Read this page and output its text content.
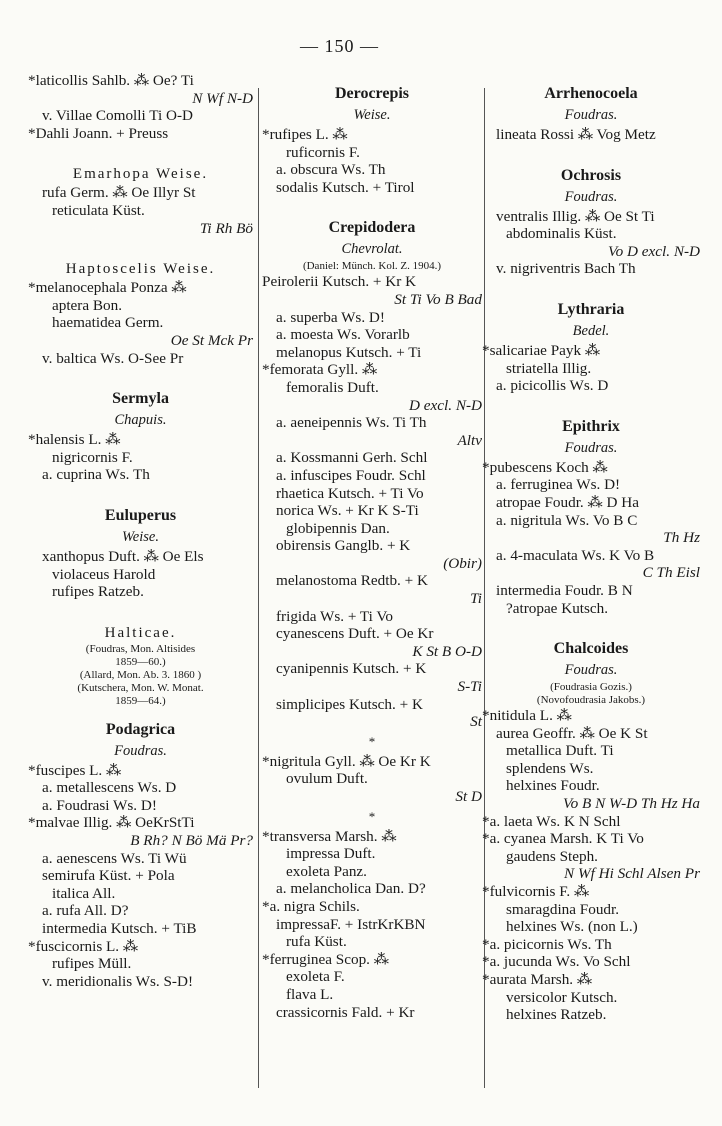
— 150 —
*laticollis Sahlb. ⁂ Oe? Ti
N Wf N-D
v. Villae Comolli Ti O-D
*Dahli Joann. + Preuss
Emarhopa Weise.
rufa Germ. ⁂ Oe Illyr St
reticulata Küst.
Ti Rh Bö
Haptoscelis Weise.
*melanocephala Ponza ⁂
aptera Bon.
haematidea Germ.
Oe St Mck Pr
v. baltica Ws. O-See Pr
Sermyla
Chapuis.
*halensis L. ⁂
nigricornis F.
a. cuprina Ws. Th
Euluperus
Weise.
xanthopus Duft. ⁂ Oe Els
violaceus Harold
rufipes Ratzeb.
Halticae.
(Foudras, Mon. Altisides
1859—60.)
(Allard, Mon. Ab. 3. 1860 )
(Kutschera, Mon. W. Monat.
1859—64.)
Podagrica
Foudras.
*fuscipes L. ⁂
a. metallescens Ws. D
a. Foudrasi Ws. D!
*malvae Illig. ⁂ OeKrStTi
B Rh? N Bö Mä Pr?
a. aenescens Ws. Ti Wü
semirufa Küst. + Pola
italica All.
a. rufa All. D?
intermedia Kutsch. + TiB
*fuscicornis L. ⁂
rufipes Müll.
v. meridionalis Ws. S-D!
Derocrepis
Weise.
*rufipes L. ⁂
ruficornis F.
a. obscura Ws. Th
sodalis Kutsch. + Tirol
Crepidodera
Chevrolat.
(Daniel: Münch. Kol. Z. 1904.)
Peirolerii Kutsch. + Kr K
St Ti Vo B Bad
a. superba Ws. D!
a. moesta Ws. Vorarlb
melanopus Kutsch. + Ti
*femorata Gyll. ⁂
femoralis Duft.
D excl. N-D
a. aeneipennis Ws. Ti Th
Altv
a. Kossmanni Gerh. Schl
a. infuscipes Foudr. Schl
rhaetica Kutsch. + Ti Vo
norica Ws. + Kr K S-Ti
globipennis Dan.
obirensis Ganglb. + K
(Obir)
melanostoma Redtb. + K
Ti
frigida Ws. + Ti Vo
cyanescens Duft. + Oe Kr
K St B O-D
cyanipennis Kutsch. + K
S-Ti
simplicipes Kutsch. + K
St
*
*nigritula Gyll. ⁂ Oe Kr K
ovulum Duft.
St D
*
*transversa Marsh. ⁂
impressa Duft.
exoleta Panz.
a. melancholica Dan. D?
*a. nigra Schils.
impressaF. + IstrKrKBN
rufa Küst.
*ferruginea Scop. ⁂
exoleta F.
flava L.
crassicornis Fald. + Kr
Arrhenocoela
Foudras.
lineata Rossi ⁂ Vog Metz
Ochrosis
Foudras.
ventralis Illig. ⁂ Oe St Ti
abdominalis Küst.
Vo D excl. N-D
v. nigriventris Bach Th
Lythraria
Bedel.
*salicariae Payk ⁂
striatella Illig.
a. picicollis Ws. D
Epithrix
Foudras.
*pubescens Koch ⁂
a. ferruginea Ws. D!
atropae Foudr. ⁂ D Ha
a. nigritula Ws. Vo B C
Th Hz
a. 4-maculata Ws. K Vo B
C Th Eisl
intermedia Foudr. B N
?atropae Kutsch.
Chalcoides
Foudras.
(Foudrasia Gozis.)
(Novofoudrasia Jakobs.)
*nitidula L. ⁂
aurea Geoffr. ⁂ Oe K St
metallica Duft. Ti
splendens Ws.
helxines Foudr.
Vo B N W-D Th Hz Ha
*a. laeta Ws. K N Schl
*a. cyanea Marsh. K Ti Vo
gaudens Steph.
N Wf Hi Schl Alsen Pr
*fulvicornis F. ⁂
smaragdina Foudr.
helxines Ws. (non L.)
*a. picicornis Ws. Th
*a. jucunda Ws. Vo Schl
*aurata Marsh. ⁂
versicolor Kutsch.
helxines Ratzeb.
